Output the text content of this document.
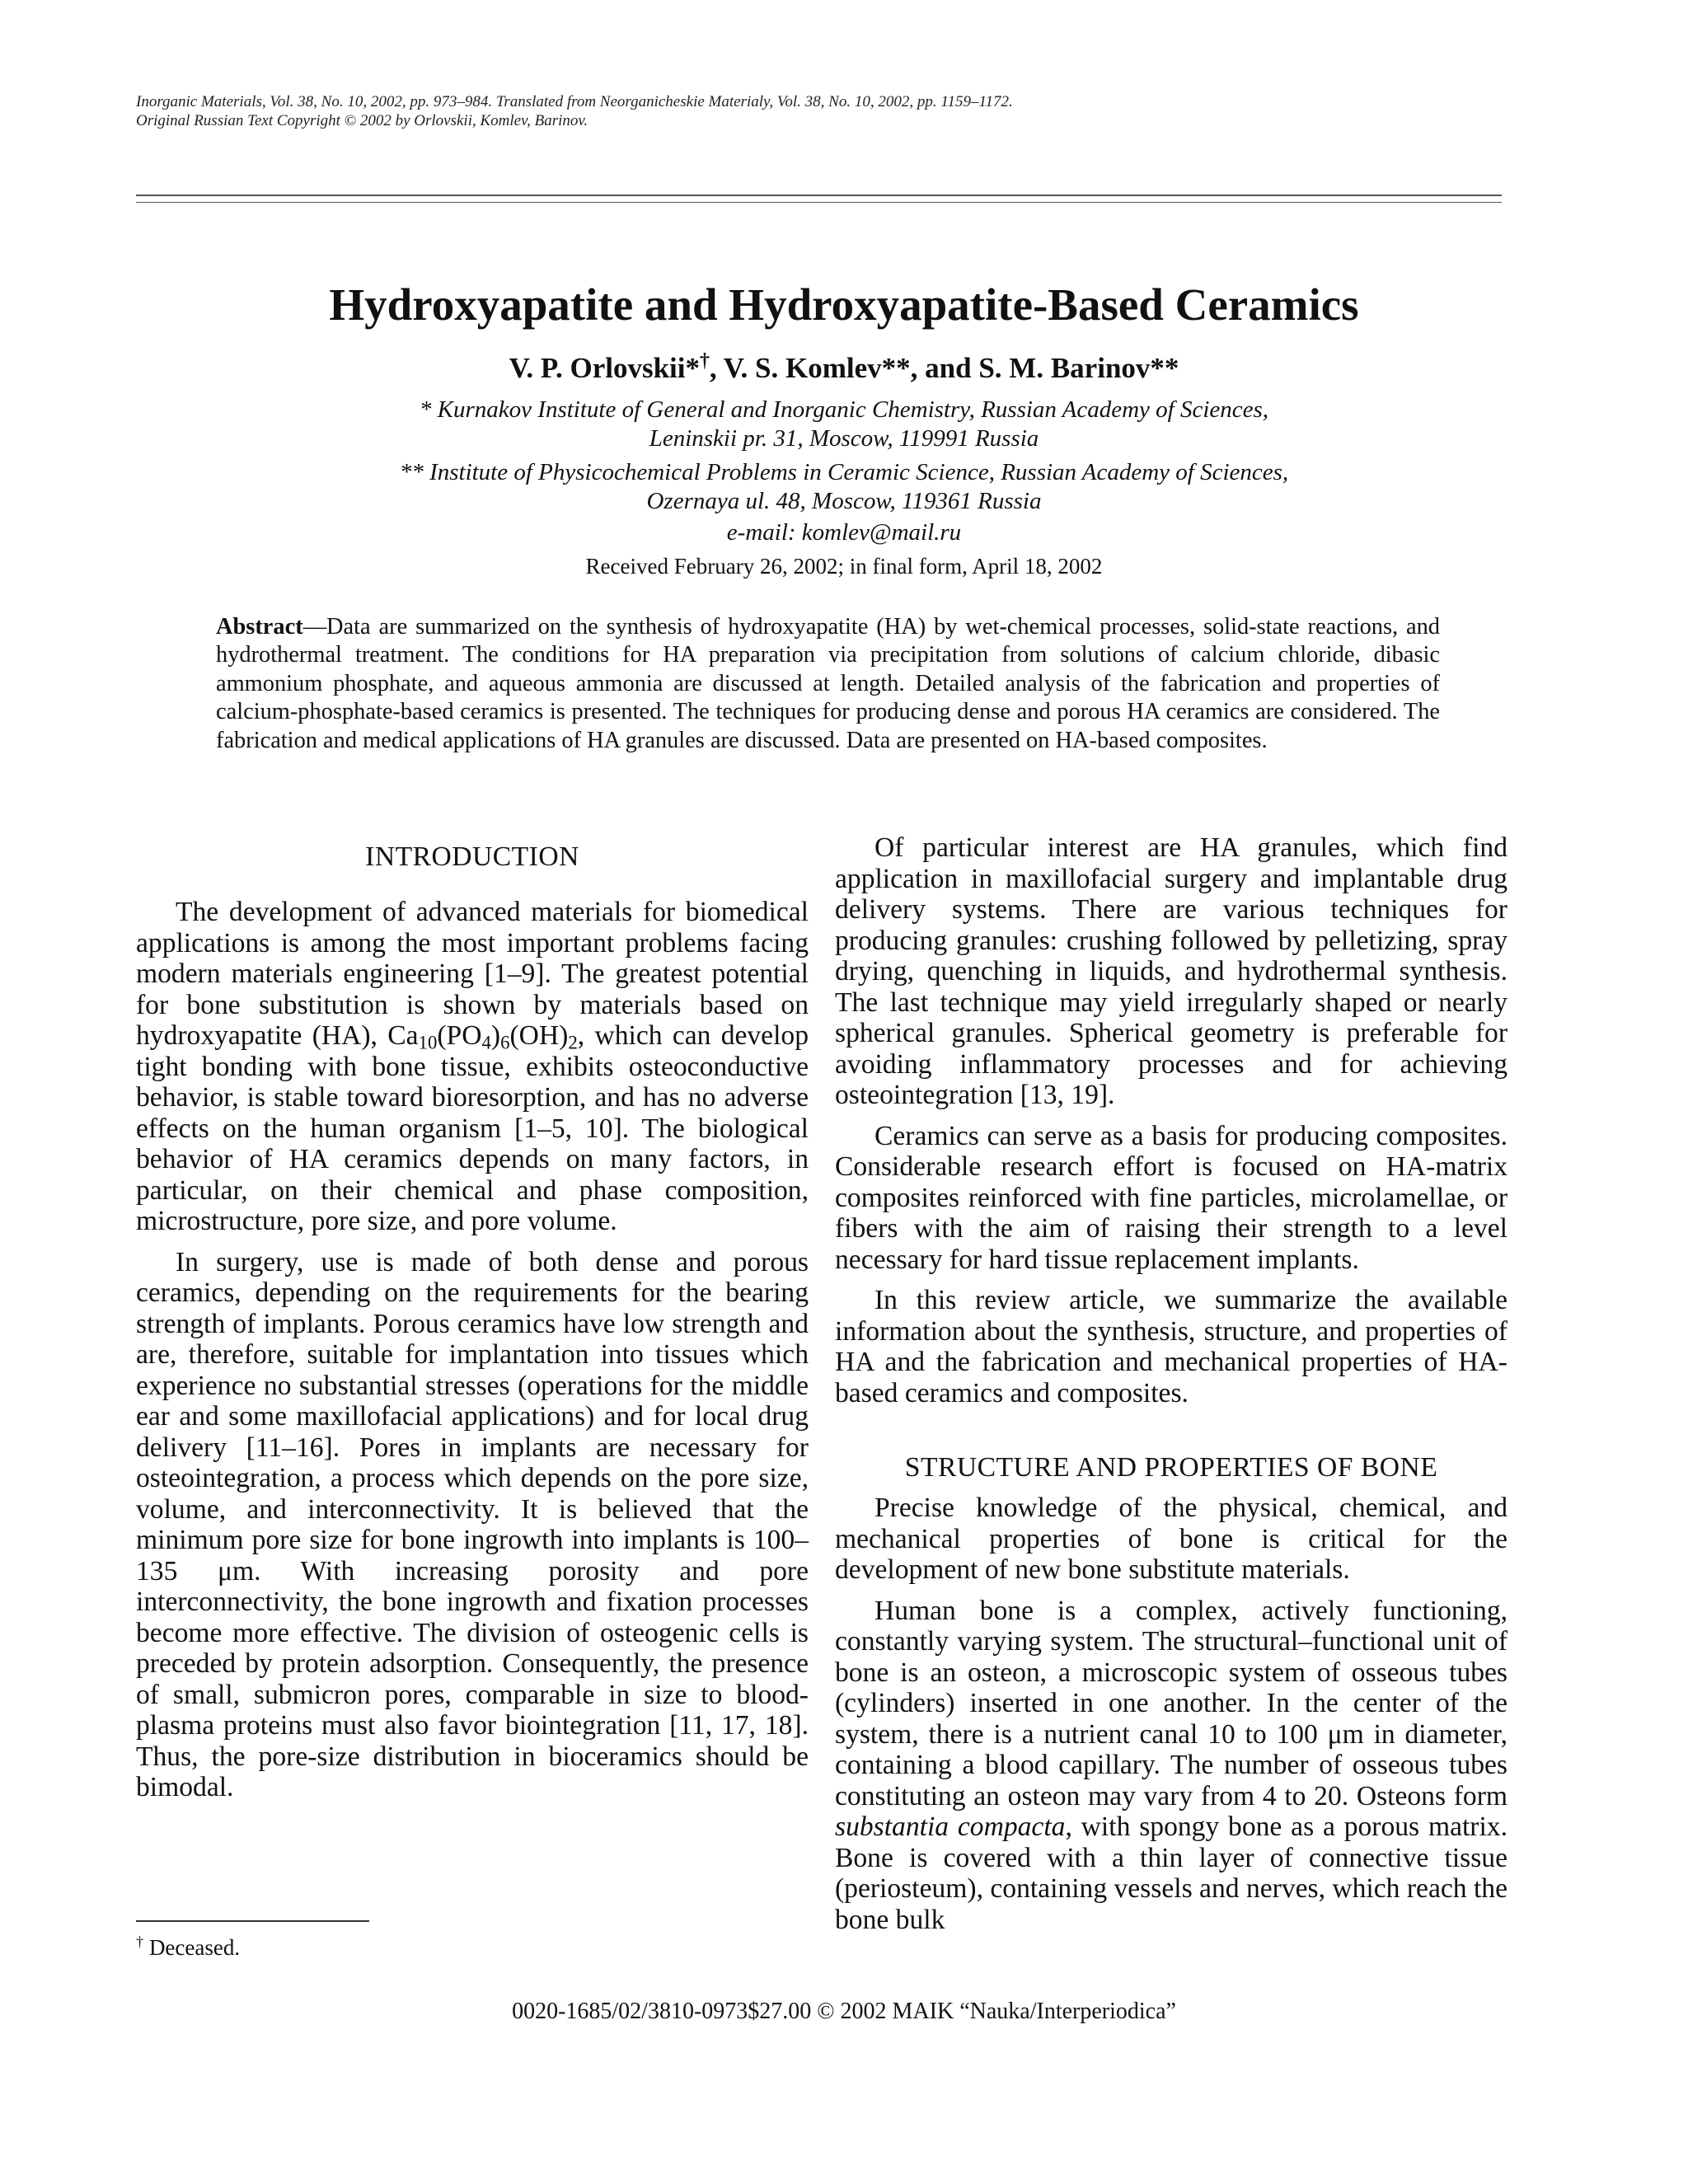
Inorganic Materials, Vol. 38, No. 10, 2002, pp. 973–984. Translated from Neorganicheskie Materialy, Vol. 38, No. 10, 2002, pp. 1159–1172.
Original Russian Text Copyright © 2002 by Orlovskii, Komlev, Barinov.
Hydroxyapatite and Hydroxyapatite-Based Ceramics
V. P. Orlovskii*†, V. S. Komlev**, and S. M. Barinov**
* Kurnakov Institute of General and Inorganic Chemistry, Russian Academy of Sciences,
Leninskii pr. 31, Moscow, 119991 Russia
** Institute of Physicochemical Problems in Ceramic Science, Russian Academy of Sciences,
Ozernaya ul. 48, Moscow, 119361 Russia
e-mail: komlev@mail.ru
Received February 26, 2002; in final form, April 18, 2002
Abstract—Data are summarized on the synthesis of hydroxyapatite (HA) by wet-chemical processes, solid-state reactions, and hydrothermal treatment. The conditions for HA preparation via precipitation from solutions of calcium chloride, dibasic ammonium phosphate, and aqueous ammonia are discussed at length. Detailed analysis of the fabrication and properties of calcium-phosphate-based ceramics is presented. The techniques for producing dense and porous HA ceramics are considered. The fabrication and medical applications of HA granules are discussed. Data are presented on HA-based composites.
INTRODUCTION

The development of advanced materials for biomedical applications is among the most important problems facing modern materials engineering [1–9]. The greatest potential for bone substitution is shown by materials based on hydroxyapatite (HA), $Ca_{10}(PO_4)_6(OH)_2$, which can develop tight bonding with bone tissue, exhibits osteoconductive behavior, is stable toward bioresorption, and has no adverse effects on the human organism [1–5, 10]. The biological behavior of HA ceramics depends on many factors, in particular, on their chemical and phase composition, microstructure, pore size, and pore volume.

In surgery, use is made of both dense and porous ceramics, depending on the requirements for the bearing strength of implants. Porous ceramics have low strength and are, therefore, suitable for implantation into tissues which experience no substantial stresses (operations for the middle ear and some maxillofacial applications) and for local drug delivery [11–16]. Pores in implants are necessary for osteointegration, a process which depends on the pore size, volume, and interconnectivity. It is believed that the minimum pore size for bone ingrowth into implants is 100–135 μm. With increasing porosity and pore interconnectivity, the bone ingrowth and fixation processes become more effective. The division of osteogenic cells is preceded by protein adsorption. Consequently, the presence of small, submicron pores, comparable in size to blood-plasma proteins must also favor biointegration [11, 17, 18]. Thus, the pore-size distribution in bioceramics should be bimodal.

Of particular interest are HA granules, which find application in maxillofacial surgery and implantable drug delivery systems. There are various techniques for producing granules: crushing followed by pelletizing, spray drying, quenching in liquids, and hydrothermal synthesis. The last technique may yield irregularly shaped or nearly spherical granules. Spherical geometry is preferable for avoiding inflammatory processes and for achieving osteointegration [13, 19].

Ceramics can serve as a basis for producing composites. Considerable research effort is focused on HA-matrix composites reinforced with fine particles, microlamellae, or fibers with the aim of raising their strength to a level necessary for hard tissue replacement implants.

In this review article, we summarize the available information about the synthesis, structure, and properties of HA and the fabrication and mechanical properties of HA-based ceramics and composites.

STRUCTURE AND PROPERTIES OF BONE

Precise knowledge of the physical, chemical, and mechanical properties of bone is critical for the development of new bone substitute materials.

Human bone is a complex, actively functioning, constantly varying system. The structural–functional unit of bone is an osteon, a microscopic system of osseous tubes (cylinders) inserted in one another. In the center of the system, there is a nutrient canal 10 to 100 μm in diameter, containing a blood capillary. The number of osseous tubes constituting an osteon may vary from 4 to 20. Osteons form substantia compacta, with spongy bone as a porous matrix. Bone is covered with a thin layer of connective tissue (periosteum), containing vessels and nerves, which reach the bone bulk

† Deceased.
0020-1685/02/3810-0973$27.00 © 2002 MAIK “Nauka/Interperiodica”
